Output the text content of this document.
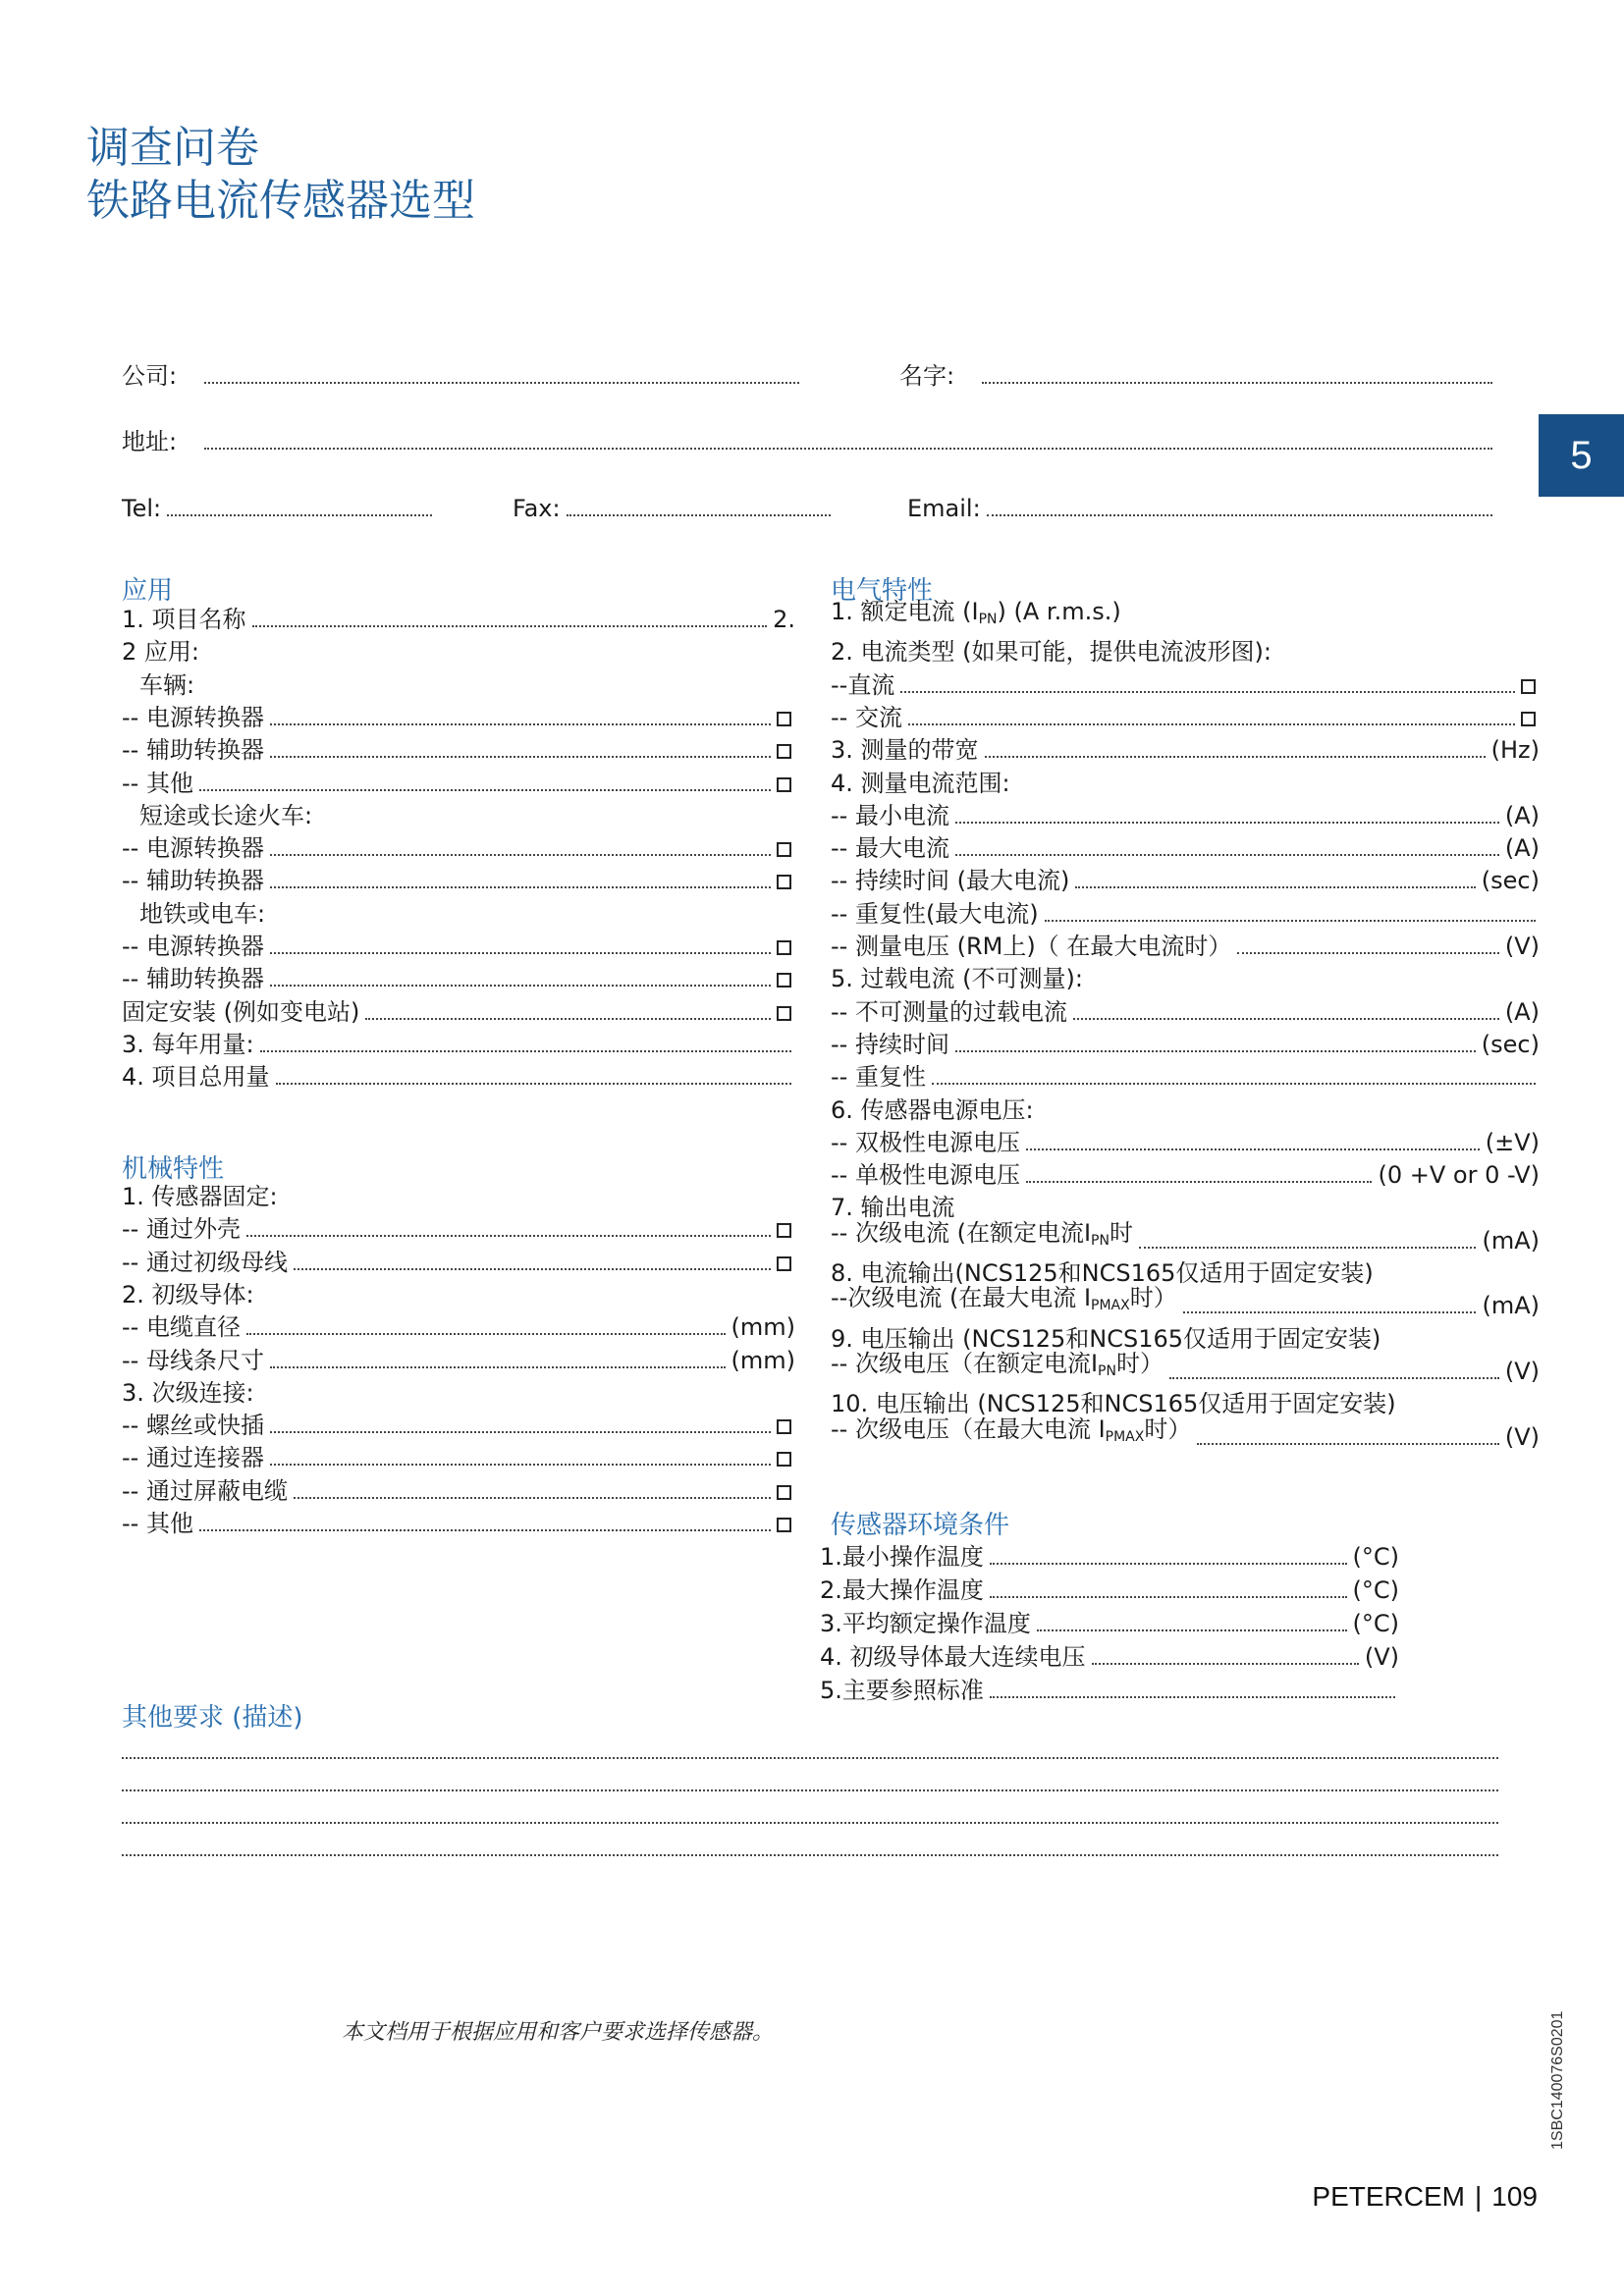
调查问卷
铁路电流传感器选型
5
公司:	名字:
地址:
Tel:	Fax:	Email:
应用
机械特性
电气特性
传感器环境条件
其他要求 (描述)
1. 项目名称	2.
2 应用:
车辆:
-- 电源转换器
-- 辅助转换器
-- 其他
短途或长途火车:
-- 电源转换器
-- 辅助转换器
地铁或电车:
-- 电源转换器
-- 辅助转换器
固定安装 (例如变电站)
3. 每年用量:
4. 项目总用量
1. 传感器固定:
-- 通过外壳
-- 通过初级母线
2. 初级导体:
-- 电缆直径	(mm)
-- 母线条尺寸	(mm)
3. 次级连接:
-- 螺丝或快插
-- 通过连接器
-- 通过屏蔽电缆
-- 其他
1. 额定电流 $(I_{PN})$ (A r.m.s.)
2. 电流类型 (如果可能，提供电流波形图):
--直流
-- 交流
3. 测量的带宽	(Hz)
4. 测量电流范围:
-- 最小电流	(A)
-- 最大电流	(A)
-- 持续时间 (最大电流)	(sec)
-- 重复性(最大电流)
-- 测量电压 (RM上)（ 在最大电流时）	(V)
5. 过载电流 (不可测量):
-- 不可测量的过载电流	(A)
-- 持续时间	(sec)
-- 重复性
6. 传感器电源电压:
-- 双极性电源电压	(±V)
-- 单极性电源电压	(0 +V or 0 -V)
7. 输出电流
-- 次级电流 (在额定电流$I_{PN}$时	(mA)
8. 电流输出(NCS125和NCS165仅适用于固定安装)
--次级电流 (在最大电流 $I_{PMAX}$时）	(mA)
9. 电压输出 (NCS125和NCS165仅适用于固定安装)
-- 次级电压（在额定电流$I_{PN}$时）	(V)
10. 电压输出 (NCS125和NCS165仅适用于固定安装)
-- 次级电压（在最大电流 $I_{PMAX}$时）	(V)
1.最小操作温度	(°C)
2.最大操作温度	(°C)
3.平均额定操作温度	(°C)
4. 初级导体最大连续电压	(V)
5.主要参照标准
本文档用于根据应用和客户要求选择传感器。	1SBC140076S0201
PETERCEM | 109
